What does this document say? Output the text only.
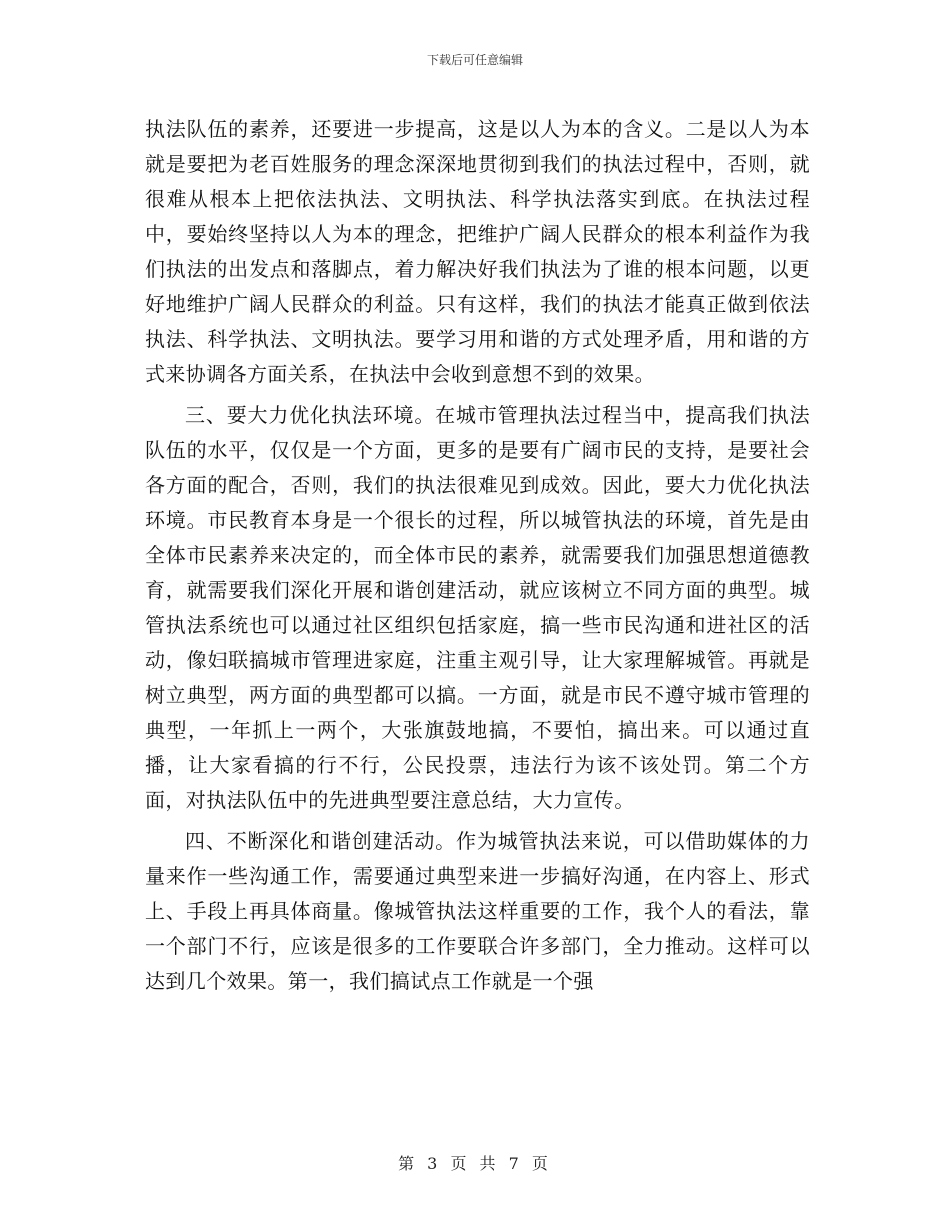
下载后可任意编辑

执法队伍的素养，还要进一步提高，这是以人为本的含义。二是以人为本就是要把为老百姓服务的理念深深地贯彻到我们的执法过程中，否则，就很难从根本上把依法执法、文明执法、科学执法落实到底。在执法过程中，要始终坚持以人为本的理念，把维护广阔人民群众的根本利益作为我们执法的出发点和落脚点，着力解决好我们执法为了谁的根本问题，以更好地维护广阔人民群众的利益。只有这样，我们的执法才能真正做到依法执法、科学执法、文明执法。要学习用和谐的方式处理矛盾，用和谐的方式来协调各方面关系，在执法中会收到意想不到的效果。

三、要大力优化执法环境。在城市管理执法过程当中，提高我们执法队伍的水平，仅仅是一个方面，更多的是要有广阔市民的支持，是要社会各方面的配合，否则，我们的执法很难见到成效。因此，要大力优化执法环境。市民教育本身是一个很长的过程，所以城管执法的环境，首先是由全体市民素养来决定的，而全体市民的素养，就需要我们加强思想道德教育，就需要我们深化开展和谐创建活动，就应该树立不同方面的典型。城管执法系统也可以通过社区组织包括家庭，搞一些市民沟通和进社区的活动，像妇联搞城市管理进家庭，注重主观引导，让大家理解城管。再就是树立典型，两方面的典型都可以搞。一方面，就是市民不遵守城市管理的典型，一年抓上一两个，大张旗鼓地搞，不要怕，搞出来。可以通过直播，让大家看搞的行不行，公民投票，违法行为该不该处罚。第二个方面，对执法队伍中的先进典型要注意总结，大力宣传。

四、不断深化和谐创建活动。作为城管执法来说，可以借助媒体的力量来作一些沟通工作，需要通过典型来进一步搞好沟通，在内容上、形式上、手段上再具体商量。像城管执法这样重要的工作，我个人的看法，靠一个部门不行，应该是很多的工作要联合许多部门，全力推动。这样可以达到几个效果。第一，我们搞试点工作就是一个强

第 3 页 共 7 页
